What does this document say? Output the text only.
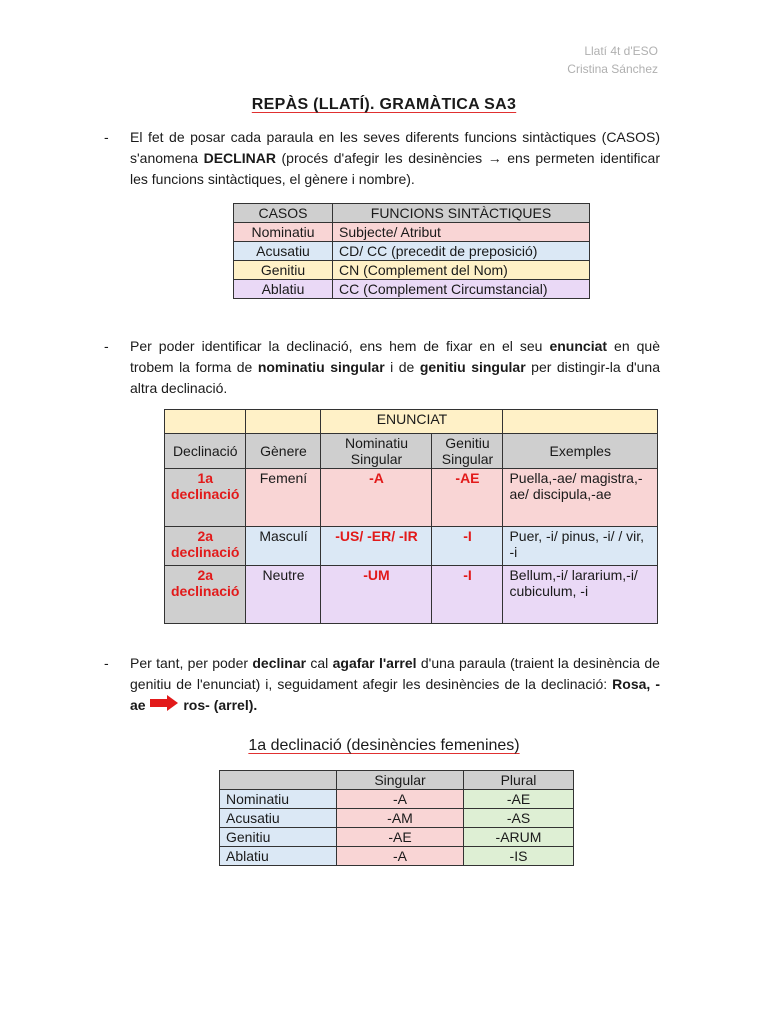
Llatí 4t d'ESO
Cristina Sánchez
REPÀS (LLATÍ). GRAMÀTICA SA3
- El fet de posar cada paraula en les seves diferents funcions sintàctiques (CASOS) s'anomena DECLINAR (procés d'afegir les desinències → ens permeten identificar les funcions sintàctiques, el gènere i nombre).
CASOS	FUNCIONS SINTÀCTIQUES
Nominatiu	Subjecte/ Atribut
Acusatiu	CD/ CC (precedit de preposició)
Genitiu	CN (Complement del Nom)
Ablatiu	CC (Complement Circumstancial)
- Per poder identificar la declinació, ens hem de fixar en el seu enunciat en què trobem la forma de nominatiu singular i de genitiu singular per distingir-la d'una altra declinació.
		ENUNCIAT		
Declinació	Gènere	Nominatiu Singular	Genitiu Singular	Exemples
1a declinació	Femení	-A	-AE	Puella,-ae/ magistra,-ae/ discipula,-ae
2a declinació	Masculí	-US/ -ER/ -IR	-I	Puer, -i/ pinus, -i/ / vir, -i
2a declinació	Neutre	-UM	-I	Bellum,-i/ lararium,-i/ cubiculum, -i
- Per tant, per poder declinar cal agafar l'arrel d'una paraula (traient la desinència de genitiu de l'enunciat) i, seguidament afegir les desinències de la declinació: Rosa, -ae	ros- (arrel).
1a declinació (desinències femenines)
	Singular	Plural
Nominatiu	-A	-AE
Acusatiu	-AM	-AS
Genitiu	-AE	-ARUM
Ablatiu	-A	-IS
